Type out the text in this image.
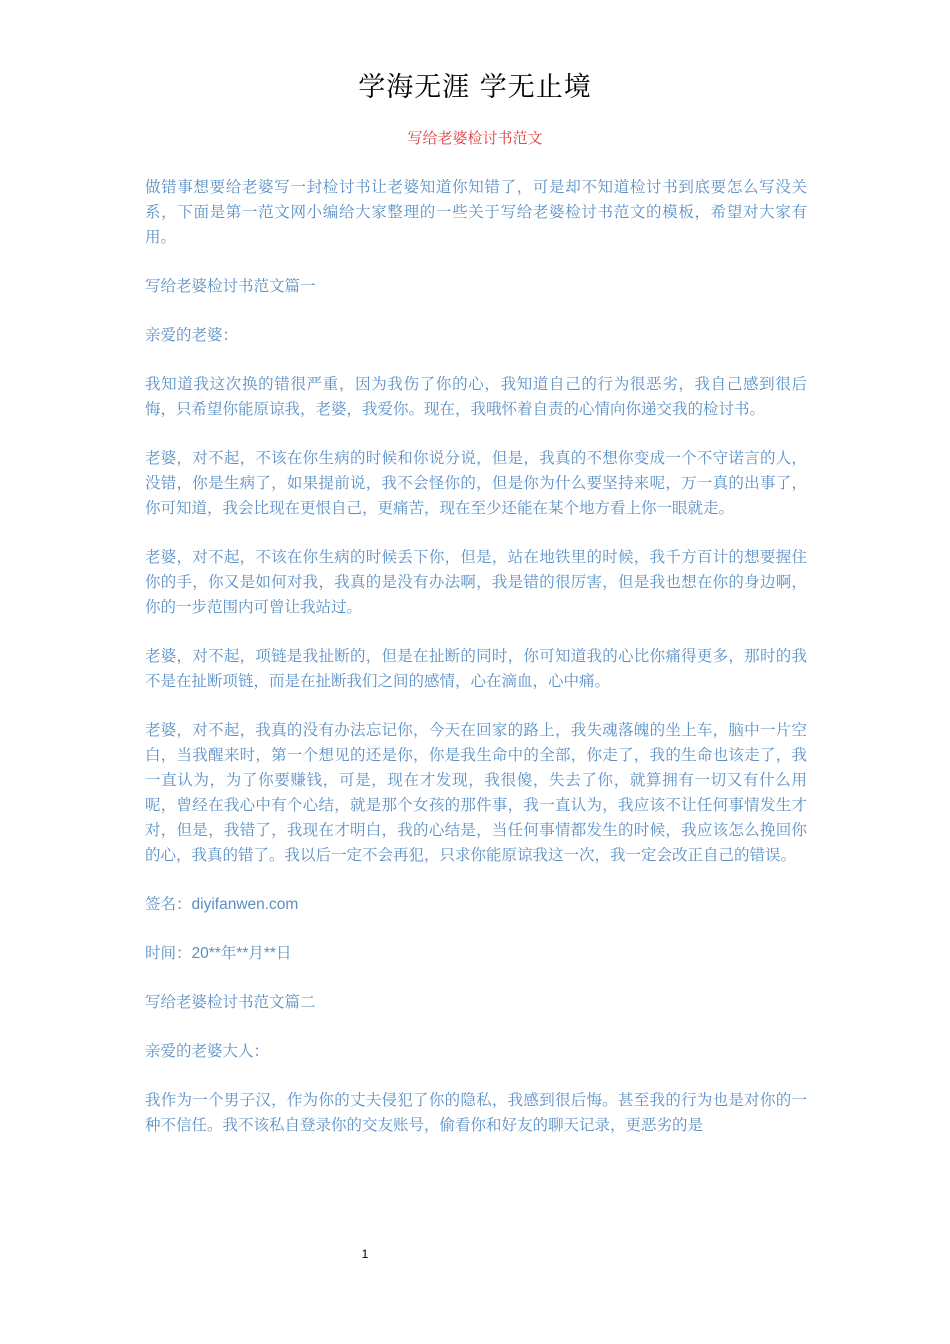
学海无涯 学无止境
写给老婆检讨书范文

做错事想要给老婆写一封检讨书让老婆知道你知错了，可是却不知道检讨书到底要怎么写没关系，下面是第一范文网小编给大家整理的一些关于写给老婆检讨书范文的模板，希望对大家有用。

写给老婆检讨书范文篇一

亲爱的老婆：

我知道我这次换的错很严重，因为我伤了你的心，我知道自己的行为很恶劣，我自己感到很后悔，只希望你能原谅我，老婆，我爱你。现在，我哦怀着自责的心情向你递交我的检讨书。

老婆，对不起，不该在你生病的时候和你说分说，但是，我真的不想你变成一个不守诺言的人，没错，你是生病了，如果提前说，我不会怪你的，但是你为什么要坚持来呢，万一真的出事了，你可知道，我会比现在更恨自己，更痛苦，现在至少还能在某个地方看上你一眼就走。

老婆，对不起，不该在你生病的时候丢下你，但是，站在地铁里的时候，我千方百计的想要握住你的手，你又是如何对我，我真的是没有办法啊，我是错的很厉害，但是我也想在你的身边啊，你的一步范围内可曾让我站过。

老婆，对不起，项链是我扯断的，但是在扯断的同时，你可知道我的心比你痛得更多，那时的我不是在扯断项链，而是在扯断我们之间的感情，心在滴血，心中痛。

老婆，对不起，我真的没有办法忘记你，今天在回家的路上，我失魂落魄的坐上车，脑中一片空白，当我醒来时，第一个想见的还是你，你是我生命中的全部，你走了，我的生命也该走了，我一直认为，为了你要赚钱，可是，现在才发现，我很傻，失去了你，就算拥有一切又有什么用呢，曾经在我心中有个心结，就是那个女孩的那件事，我一直认为，我应该不让任何事情发生才对，但是，我错了，我现在才明白，我的心结是，当任何事情都发生的时候，我应该怎么挽回你的心，我真的错了。我以后一定不会再犯，只求你能原谅我这一次，我一定会改正自己的错误。

签名：diyifanwen.com

时间：20**年**月**日

写给老婆检讨书范文篇二

亲爱的老婆大人：

我作为一个男子汉，作为你的丈夫侵犯了你的隐私，我感到很后悔。甚至我的行为也是对你的一种不信任。我不该私自登录你的交友账号，偷看你和好友的聊天记录，更恶劣的是

1
